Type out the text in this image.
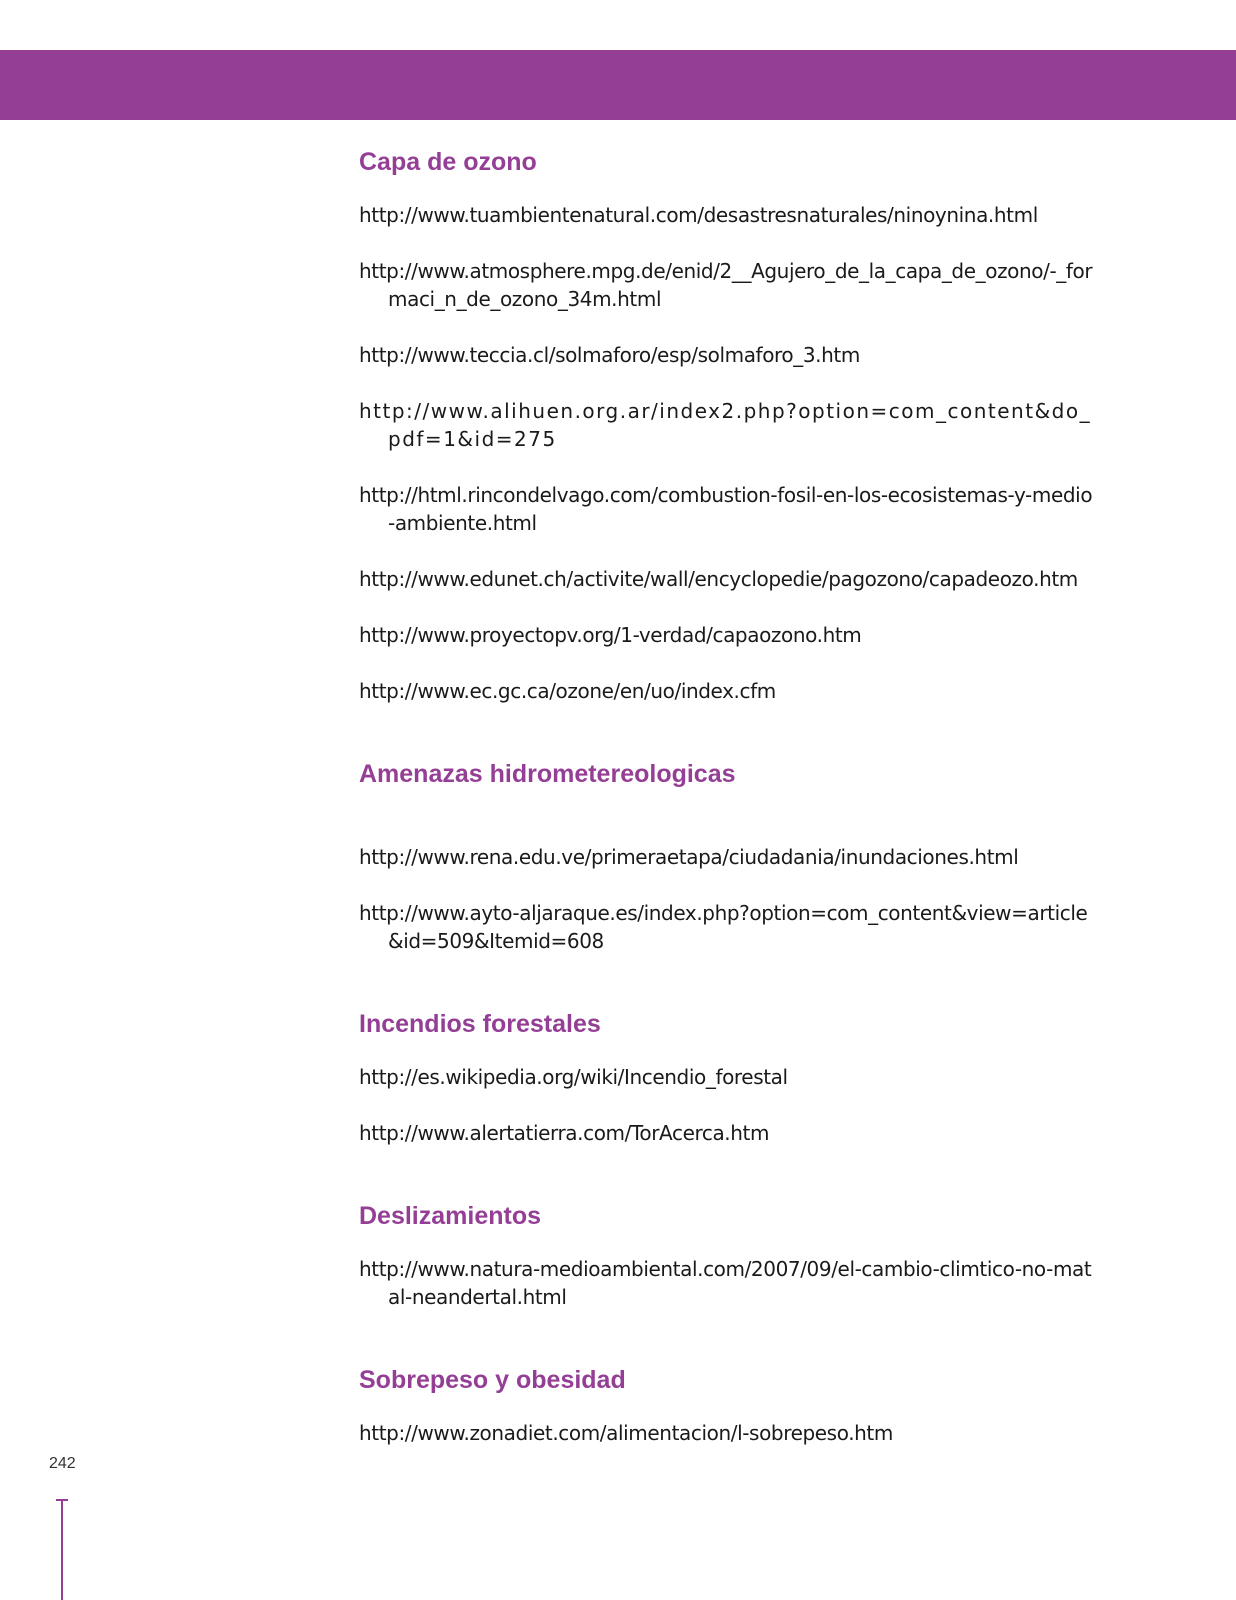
Capa de ozono
http://www.tuambientenatural.com/desastresnaturales/ninoynina.html
http://www.atmosphere.mpg.de/enid/2__Agujero_de_la_capa_de_ozono/-_formaci_n_de_ozono_34m.html
http://www.teccia.cl/solmaforo/esp/solmaforo_3.htm
http://www.alihuen.org.ar/index2.php?option=com_content&do_pdf=1&id=275
http://html.rincondelvago.com/combustion-fosil-en-los-ecosistemas-y-medio-ambiente.html
http://www.edunet.ch/activite/wall/encyclopedie/pagozono/capadeozo.htm
http://www.proyectopv.org/1-verdad/capaozono.htm
http://www.ec.gc.ca/ozone/en/uo/index.cfm
Amenazas hidrometereologicas
http://www.rena.edu.ve/primeraetapa/ciudadania/inundaciones.html
http://www.ayto-aljaraque.es/index.php?option=com_content&view=article&id=509&Itemid=608
Incendios forestales
http://es.wikipedia.org/wiki/Incendio_forestal
http://www.alertatierra.com/TorAcerca.htm
Deslizamientos
http://www.natura-medioambiental.com/2007/09/el-cambio-climtico-no-matal-neandertal.html
Sobrepeso y obesidad
http://www.zonadiet.com/alimentacion/l-sobrepeso.htm
242
